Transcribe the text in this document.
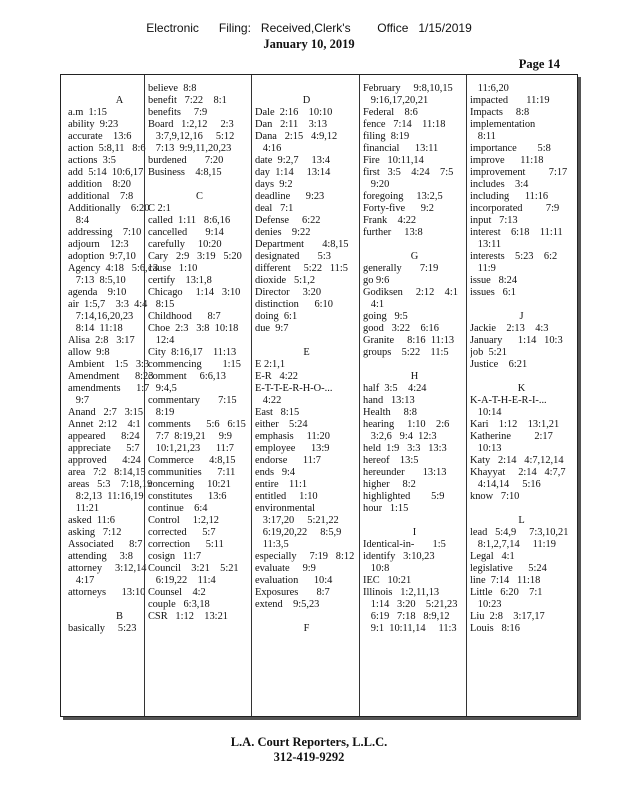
Electronic      Filing:   Received,Clerk's        Office   1/15/2019
January 10, 2019
Page 14
A
a.m  1:15
ability  9:23
accurate    13:6
action  5:8,11   8:6
actions  3:5
add  5:14  10:6,17
addition    8:20
additional    7:8
Additionally    6:20
8:4
addressing    7:10
adjourn    12:3
adoption  9:7,10
Agency  4:18   5:6,13
7:13  8:5,10
agenda    9:10
air  1:5,7    3:3  4:4
7:14,16,20,23
8:14  11:18
Alisa  2:8   3:17
allow  9:8
Ambient    1:5   3:3
Amendment      8:23
amendments      1:7
9:7
Anand   2:7   3:15
Annet  2:12    4:1
appeared      8:24
appreciate      5:7
approved      4:24
area   7:2   8:14,15
areas   5:3    7:18,19
8:2,13  11:16,19
11:21
asked  11:6
asking   7:12
Associated      8:7
attending     3:8
attorney     3:12,14
4:17
attorneys      13:10
B
basically     5:23
believe  8:8
benefit   7:22    8:1
benefits     7:9
Board   1:2,12     2:3
3:7,9,12,16     5:12
7:13  9:9,11,20,23
burdened       7:20
Business    4:8,15
C
C 2:1
called  1:11   8:6,16
cancelled       9:14
carefully     10:20
Cary   2:9   3:19   5:20
cause   1:10
certify    13:1,8
Chicago     1:14   3:10
8:15
Childhood      8:7
Choe  2:3   3:8  10:18
12:4
City  8:16,17    11:13
commencing        1:15
comment     6:6,13
9:4,5
commentary       7:15
8:19
comments      5:6   6:15
7:7  8:19,21     9:9
10:1,21,23      11:7
Commerce      4:8,15
communities      7:11
concerning     10:21
constitutes      13:6
continue    6:4
Control     1:2,12
corrected      5:7
correction      5:11
cosign   11:7
Council    3:21    5:21
6:19,22    11:4
Counsel    4:2
couple   6:3,18
CSR   1:12    13:21
D
Dale  2:16    10:10
Dan   2:11    3:13
Dana   2:15   4:9,12
4:16
date  9:2,7     13:4
day  1:14     13:14
days  9:2
deadline      9:23
deal   7:1
Defense     6:22
denies    9:22
Department       4:8,15
designated       5:3
different     5:22   11:5
dioxide   5:1,2
Director     3:20
distinction      6:10
doing  6:1
due  9:7
E
E 2:1,1
E-R   4:22
E-T-T-E-R-H-O-...
4:22
East   8:15
either    5:24
emphasis     11:20
employee      13:9
endorse      11:7
ends   9:4
entire    11:1
entitled     1:10
environmental
3:17,20     5:21,22
6:19,20,22     8:5,9
11:3,5
especially     7:19   8:12
evaluate     9:9
evaluation      10:4
Exposures       8:7
extend    9:5,23
F
February     9:8,10,15
9:16,17,20,21
Federal    8:6
fence   7:14    11:18
filing  8:19
financial      13:11
Fire   10:11,14
first   3:5    4:24    7:5
9:20
foregoing     13:2,5
Forty-five      9:2
Frank    4:22
further     13:8
G
generally       7:19
go 9:6
Godiksen     2:12    4:1
4:1
going   9:5
good   3:22    6:16
Granite     8:16  11:13
groups    5:22    11:5
H
half  3:5    4:24
hand   13:13
Health     8:8
hearing     1:10    2:6
3:2,6   9:4  12:3
held  1:9   3:3   13:3
hereof    13:5
hereunder       13:13
higher     8:2
highlighted        5:9
hour   1:15
I
Identical-in-       1:5
identify   3:10,23
10:8
IEC   10:21
Illinois   1:2,11,13
1:14   3:20    5:21,23
6:19   7:18   8:9,12
9:1  10:11,14     11:3
11:6,20
impacted       11:19
Impacts     8:8
implementation
8:11
importance        5:8
improve      11:18
improvement         7:17
includes    3:4
including      11:16
incorporated         7:9
input   7:13
interest    6:18    11:11
13:11
interests    5:23    6:2
11:9
issue   8:24
issues   6:1
J
Jackie    2:13    4:3
January      1:14   10:3
job  5:21
Justice    6:21
K
K-A-T-H-E-R-I-...
10:14
Kari    1:12    13:1,21
Katherine         2:17
10:13
Katy   2:14   4:7,12,14
Khayyat     2:14   4:7,7
4:14,14     5:16
know   7:10
L
lead   5:4,9     7:3,10,21
8:1,2,7,14     11:19
Legal   4:1
legislative      5:24
line  7:14   11:18
Little   6:20    7:1
10:23
Liu  2:8    3:17,17
Louis   8:16
L.A. Court Reporters, L.L.C.
312-419-9292
